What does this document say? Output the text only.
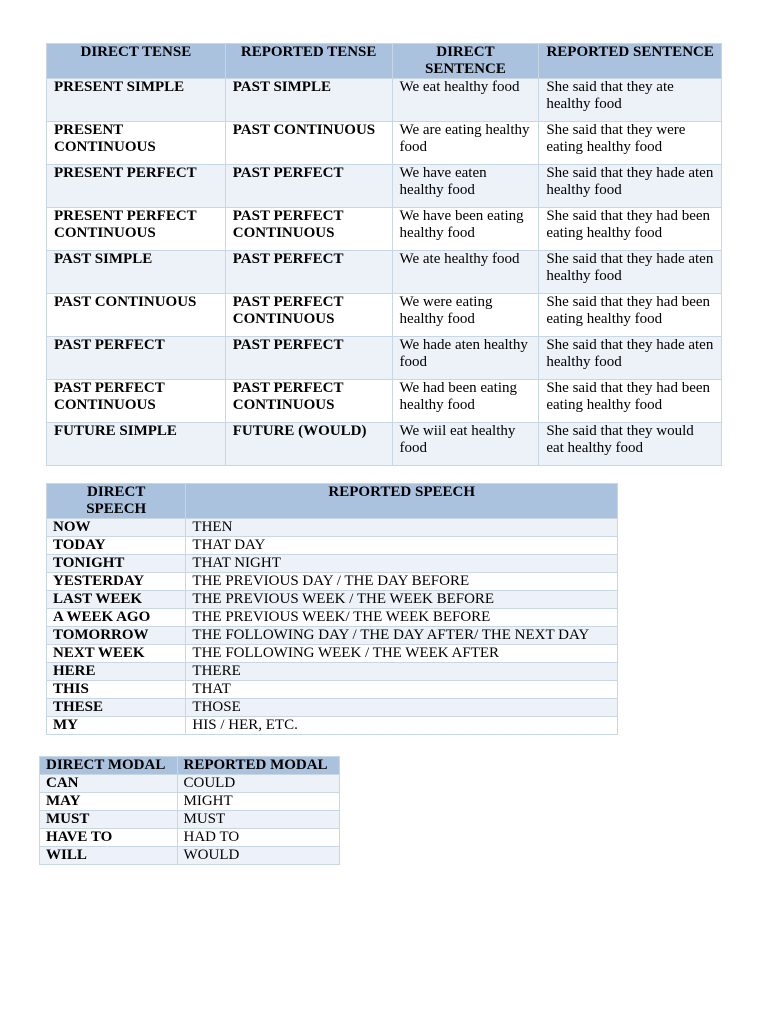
DIRECT TENSE	REPORTED TENSE	DIRECT SENTENCE	REPORTED SENTENCE
PRESENT SIMPLE	PAST SIMPLE	We eat healthy food	She said that they ate healthy food
PRESENT CONTINUOUS	PAST CONTINUOUS	We are eating healthy food	She said that they were eating healthy food
PRESENT PERFECT	PAST PERFECT	We have eaten healthy food	She said that they hade aten healthy food
PRESENT PERFECT CONTINUOUS	PAST PERFECT CONTINUOUS	We have been eating healthy food	She said that they had been eating healthy food
PAST SIMPLE	PAST PERFECT	We ate healthy food	She said that they hade aten healthy food
PAST CONTINUOUS	PAST PERFECT CONTINUOUS	We were eating healthy food	She said that they had been eating healthy food
PAST PERFECT	PAST PERFECT	We hade aten healthy food	She said that they hade aten healthy food
PAST PERFECT CONTINUOUS	PAST PERFECT CONTINUOUS	We had been eating healthy food	She said that they had been eating healthy food
FUTURE SIMPLE	FUTURE (WOULD)	We wiil eat healthy food	She said that they would eat healthy food
DIRECT SPEECH	REPORTED SPEECH
NOW	THEN
TODAY	THAT DAY
TONIGHT	THAT NIGHT
YESTERDAY	THE PREVIOUS DAY / THE DAY BEFORE
LAST WEEK	THE PREVIOUS WEEK / THE WEEK BEFORE
A WEEK AGO	THE PREVIOUS WEEK/ THE WEEK BEFORE
TOMORROW	THE FOLLOWING DAY / THE DAY AFTER/ THE NEXT DAY
NEXT WEEK	THE FOLLOWING WEEK / THE WEEK AFTER
HERE	THERE
THIS	THAT
THESE	THOSE
MY	HIS / HER, ETC.
DIRECT MODAL	REPORTED MODAL
CAN	COULD
MAY	MIGHT
MUST	MUST
HAVE TO	HAD TO
WILL	WOULD
